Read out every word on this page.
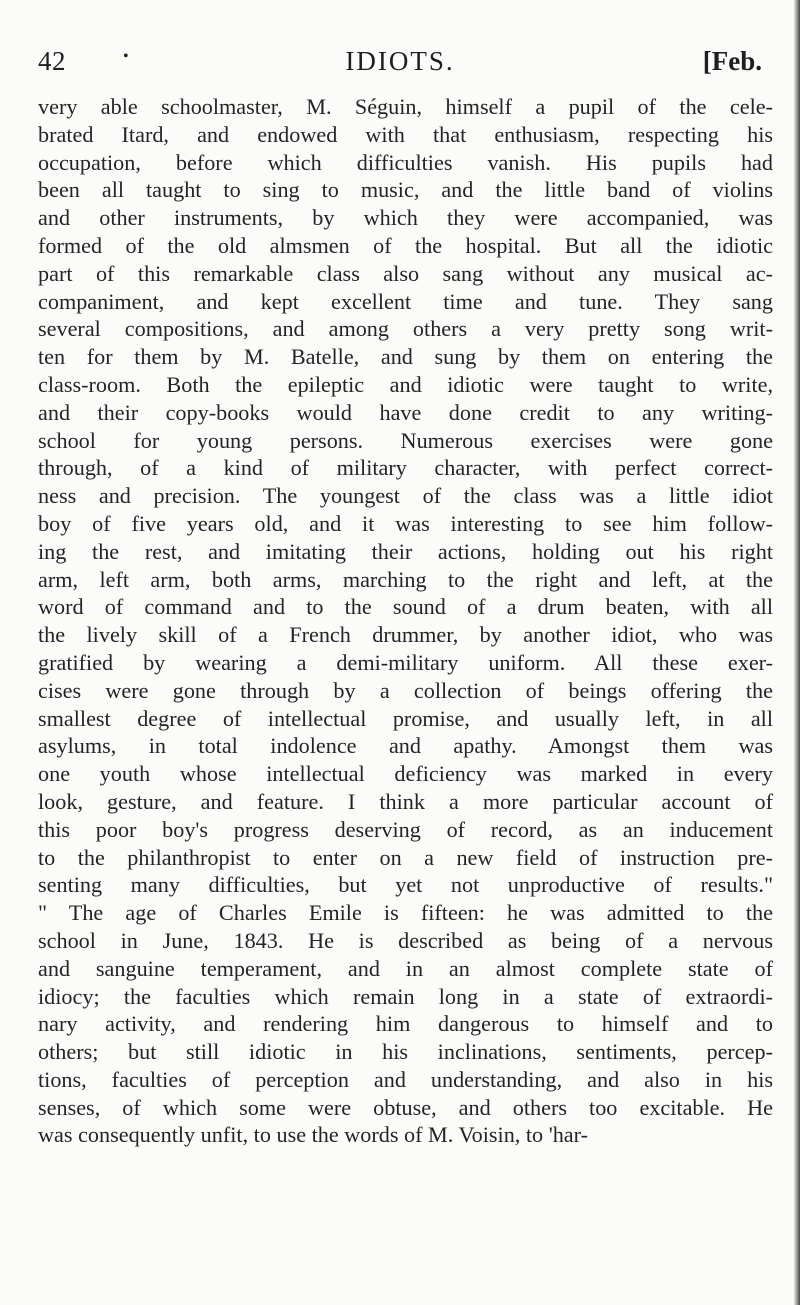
42	•	IDIOTS.	[Feb.
very able schoolmaster, M. Séguin, himself a pupil of the cele-
brated Itard, and endowed with that enthusiasm, respecting his
occupation, before which difficulties vanish. His pupils had
been all taught to sing to music, and the little band of violins
and other instruments, by which they were accompanied, was
formed of the old almsmen of the hospital. But all the idiotic
part of this remarkable class also sang without any musical ac-
companiment, and kept excellent time and tune. They sang
several compositions, and among others a very pretty song writ-
ten for them by M. Batelle, and sung by them on entering the
class-room. Both the epileptic and idiotic were taught to write,
and their copy-books would have done credit to any writing-
school for young persons. Numerous exercises were gone
through, of a kind of military character, with perfect correct-
ness and precision. The youngest of the class was a little idiot
boy of five years old, and it was interesting to see him follow-
ing the rest, and imitating their actions, holding out his right
arm, left arm, both arms, marching to the right and left, at the
word of command and to the sound of a drum beaten, with all
the lively skill of a French drummer, by another idiot, who was
gratified by wearing a demi-military uniform. All these exer-
cises were gone through by a collection of beings offering the
smallest degree of intellectual promise, and usually left, in all
asylums, in total indolence and apathy. Amongst them was
one youth whose intellectual deficiency was marked in every
look, gesture, and feature. I think a more particular account of
this poor boy's progress deserving of record, as an inducement
to the philanthropist to enter on a new field of instruction pre-
senting many difficulties, but yet not unproductive of results."
" The age of Charles Emile is fifteen: he was admitted to the
school in June, 1843. He is described as being of a nervous
and sanguine temperament, and in an almost complete state of
idiocy; the faculties which remain long in a state of extraordi-
nary activity, and rendering him dangerous to himself and to
others; but still idiotic in his inclinations, sentiments, percep-
tions, faculties of perception and understanding, and also in his
senses, of which some were obtuse, and others too excitable. He
was consequently unfit, to use the words of M. Voisin, to 'har-
